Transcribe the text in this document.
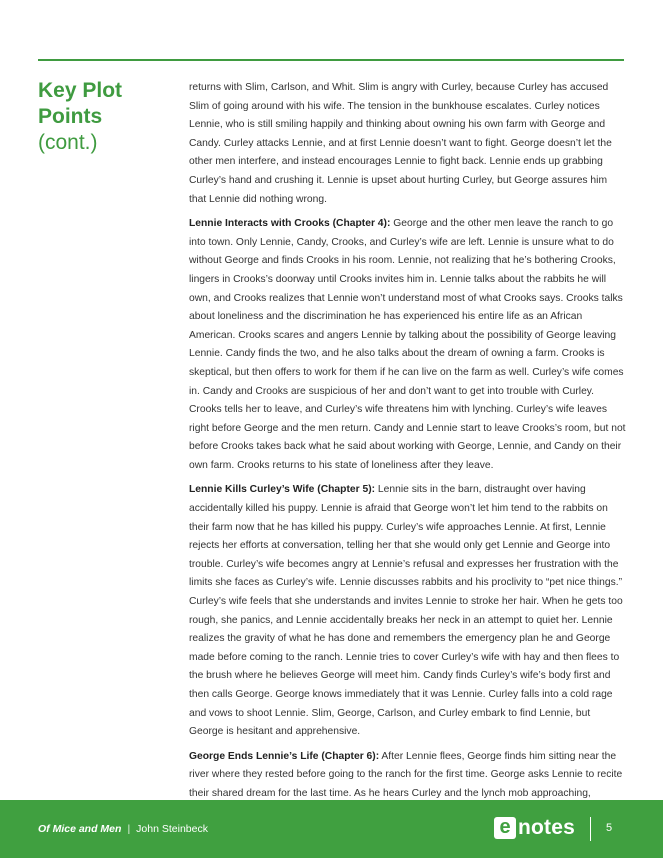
Key Plot
Points
(cont.)

returns with Slim, Carlson, and Whit. Slim is angry with Curley, because Curley has accused Slim of going around with his wife. The tension in the bunkhouse escalates. Curley notices Lennie, who is still smiling happily and thinking about owning his own farm with George and Candy. Curley attacks Lennie, and at first Lennie doesn’t want to fight. George doesn’t let the other men interfere, and instead encourages Lennie to fight back. Lennie ends up grabbing Curley’s hand and crushing it. Lennie is upset about hurting Curley, but George assures him that Lennie did nothing wrong.

Lennie Interacts with Crooks (Chapter 4): George and the other men leave the ranch to go into town. Only Lennie, Candy, Crooks, and Curley’s wife are left. Lennie is unsure what to do without George and finds Crooks in his room. Lennie, not realizing that he’s bothering Crooks, lingers in Crooks’s doorway until Crooks invites him in. Lennie talks about the rabbits he will own, and Crooks realizes that Lennie won’t understand most of what Crooks says. Crooks talks about loneliness and the discrimination he has experienced his entire life as an African American. Crooks scares and angers Lennie by talking about the possibility of George leaving Lennie. Candy finds the two, and he also talks about the dream of owning a farm. Crooks is skeptical, but then offers to work for them if he can live on the farm as well. Curley’s wife comes in. Candy and Crooks are suspicious of her and don’t want to get into trouble with Curley. Crooks tells her to leave, and Curley’s wife threatens him with lynching. Curley’s wife leaves right before George and the men return. Candy and Lennie start to leave Crooks’s room, but not before Crooks takes back what he said about working with George, Lennie, and Candy on their own farm. Crooks returns to his state of loneliness after they leave.

Lennie Kills Curley’s Wife (Chapter 5): Lennie sits in the barn, distraught over having accidentally killed his puppy. Lennie is afraid that George won’t let him tend to the rabbits on their farm now that he has killed his puppy. Curley’s wife approaches Lennie. At first, Lennie rejects her efforts at conversation, telling her that she would only get Lennie and George into trouble. Curley’s wife becomes angry at Lennie’s refusal and expresses her frustration with the limits she faces as Curley’s wife. Lennie discusses rabbits and his proclivity to “pet nice things.” Curley’s wife feels that she understands and invites Lennie to stroke her hair. When he gets too rough, she panics, and Lennie accidentally breaks her neck in an attempt to quiet her. Lennie realizes the gravity of what he has done and remembers the emergency plan he and George made before coming to the ranch. Lennie tries to cover Curley’s wife with hay and then flees to the brush where he believes George will meet him. Candy finds Curley’s wife’s body first and then calls George. George knows immediately that it was Lennie. Curley falls into a cold rage and vows to shoot Lennie. Slim, George, Carlson, and Curley embark to find Lennie, but George is hesitant and apprehensive.

George Ends Lennie’s Life (Chapter 6): After Lennie flees, George finds him sitting near the river where they rested before going to the ranch for the first time. George asks Lennie to recite their shared dream for the last time. As he hears Curley and the lynch mob approaching,

Of Mice and Men | John Steinbeck	e notes	5
